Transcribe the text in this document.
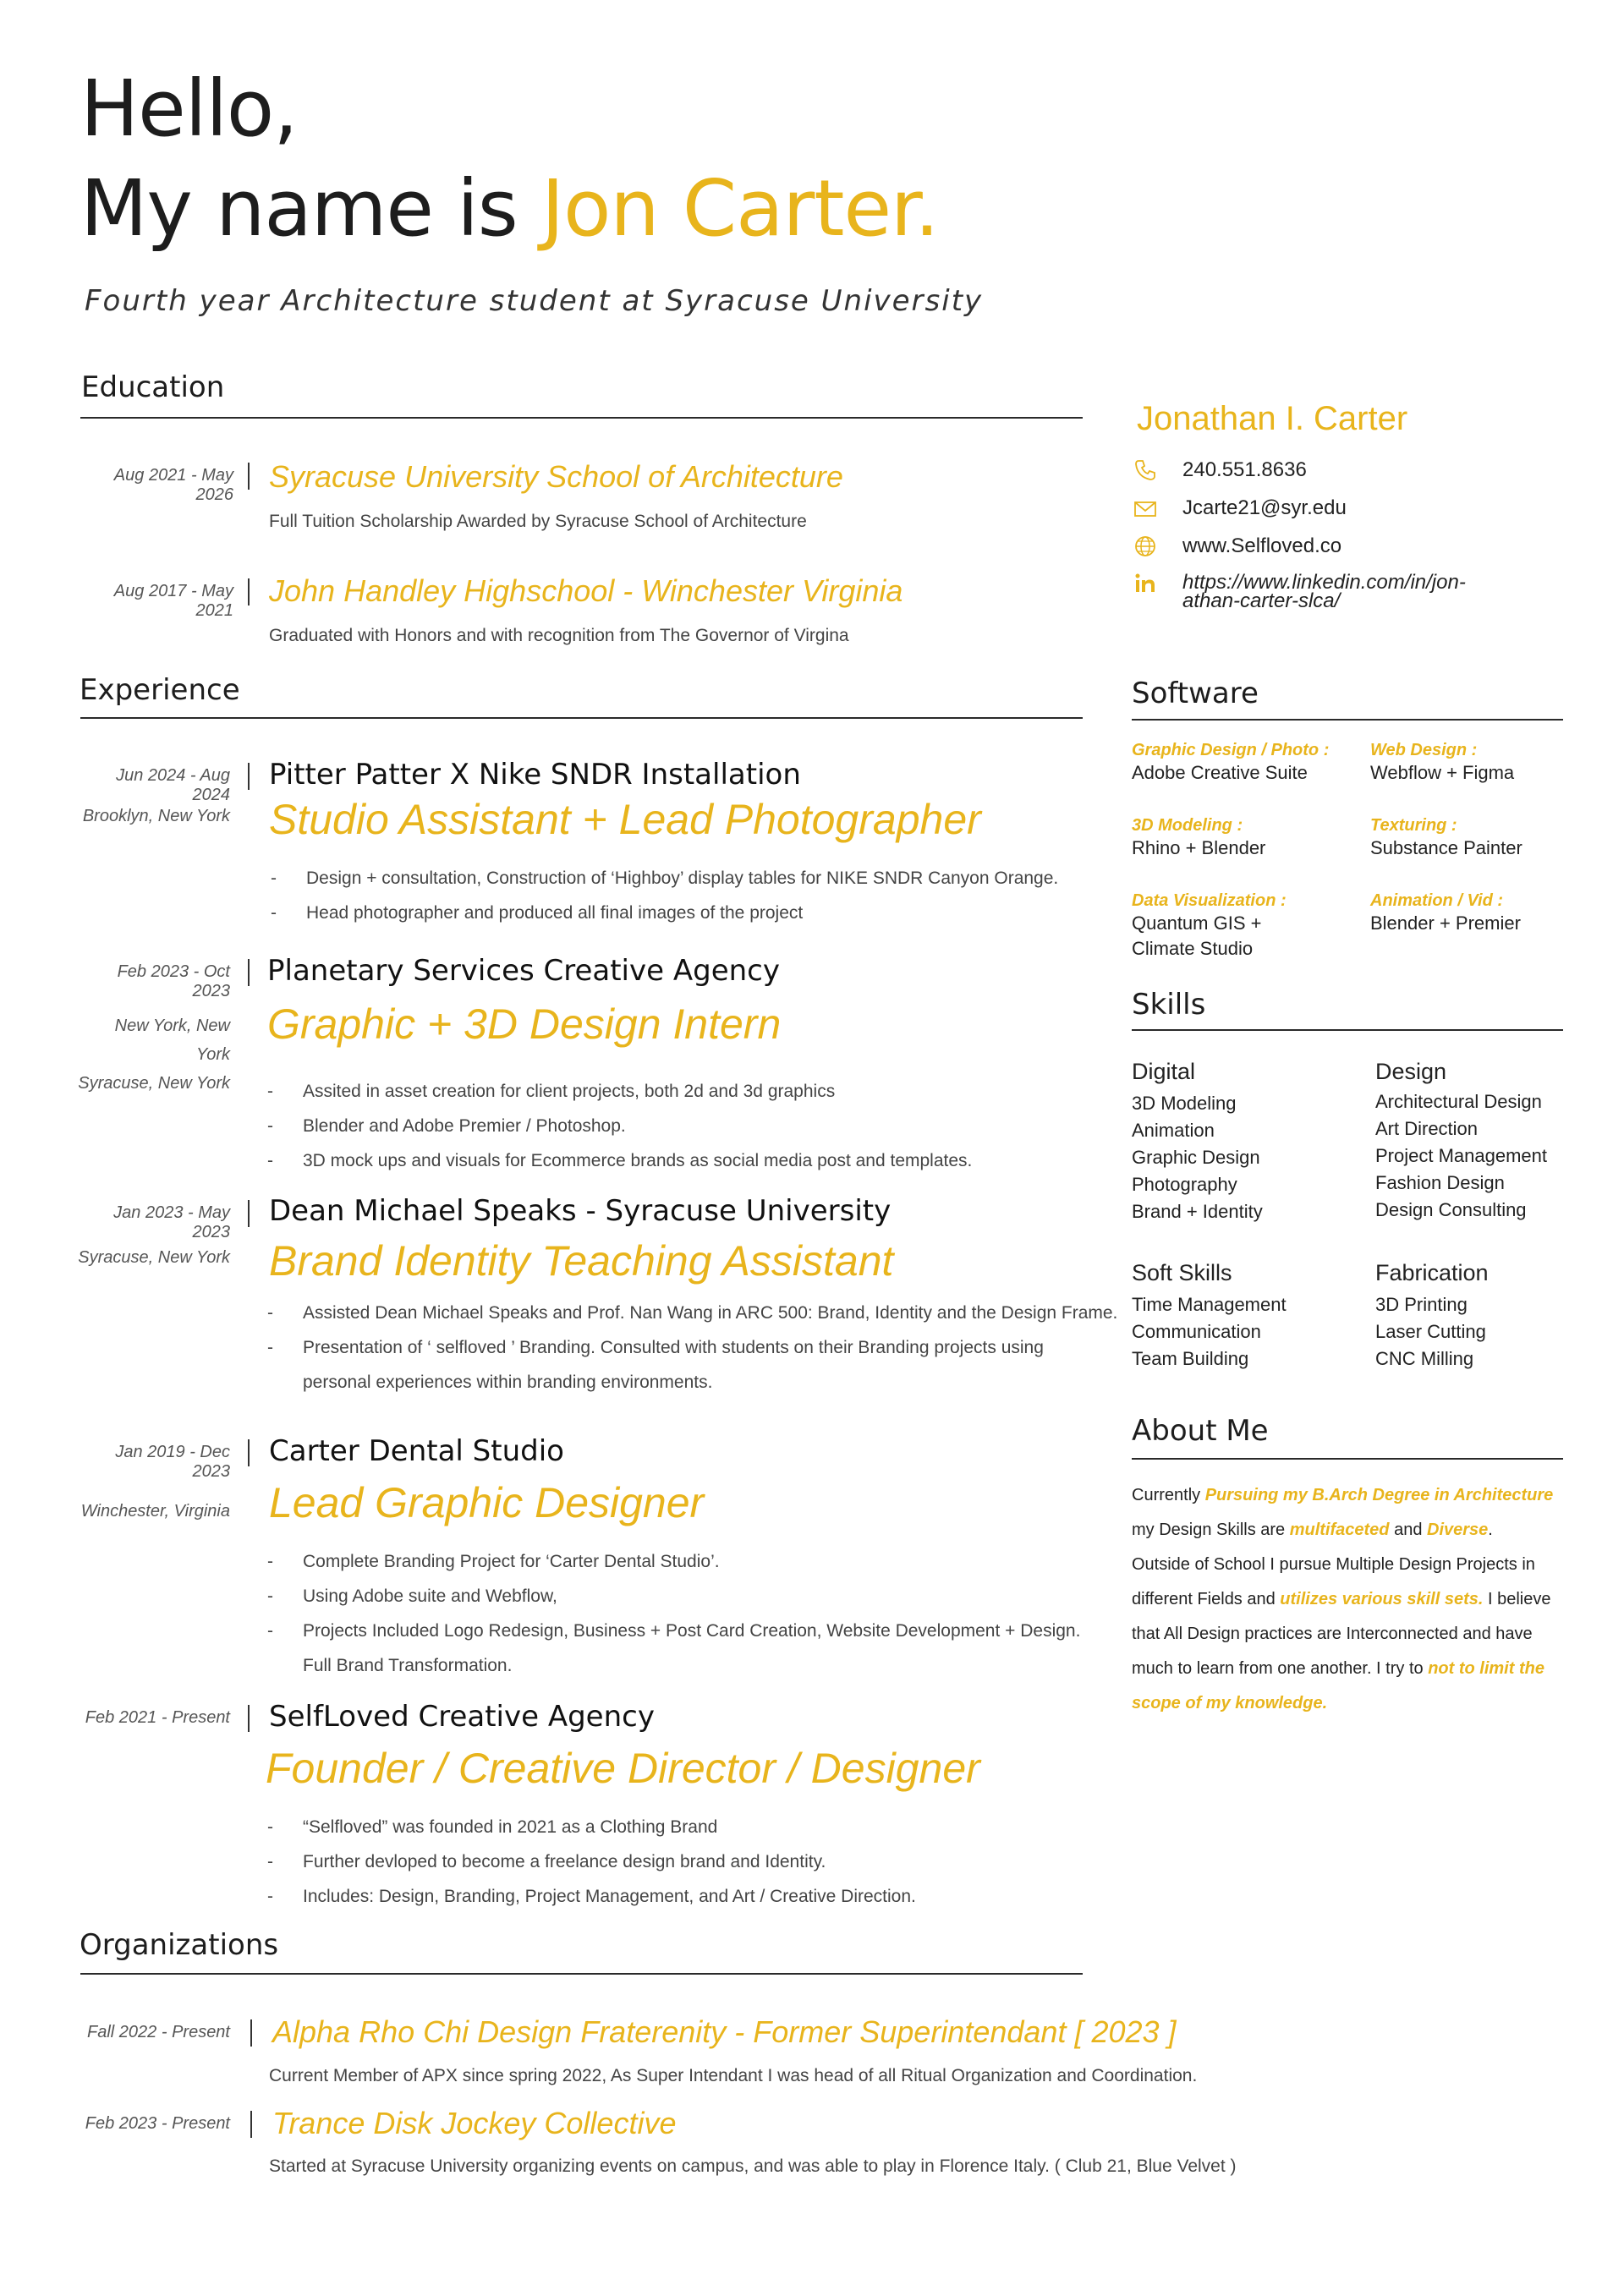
Hello,
My name is Jon Carter.
Fourth year Architecture student at Syracuse University
Education
Aug 2021 - May 2026
Syracuse University School of Architecture
Full Tuition Scholarship Awarded by Syracuse School of Architecture
Aug 2017 - May 2021
John Handley Highschool - Winchester Virginia
Graduated with Honors and with recognition from The Governor of Virgina
Experience
Jun 2024 - Aug 2024
Pitter Patter X Nike SNDR Installation
Brooklyn, New York Studio Assistant + Lead Photographer
- Design + consultation, Construction of ‘Highboy’ display tables for NIKE SNDR Canyon Orange.
- Head photographer and produced all final images of the project
Feb 2023 - Oct 2023
Planetary Services Creative Agency
New York, New York
Syracuse, New York
Graphic + 3D Design Intern
- Assited in asset creation for client projects, both 2d and 3d graphics
- Blender and Adobe Premier / Photoshop.
- 3D mock ups and visuals for Ecommerce brands as social media post and templates.
Jan 2023 - May 2023
Dean Michael Speaks - Syracuse University
Syracuse, New York Brand Identity Teaching Assistant
- Assisted Dean Michael Speaks and Prof. Nan Wang in ARC 500: Brand, Identity and the Design Frame.
- Presentation of ‘ selfloved ’ Branding. Consulted with students on their Branding projects using
personal experiences within branding environments.
Jan 2019 - Dec 2023
Carter Dental Studio
Winchester, Virginia Lead Graphic Designer
- Complete Branding Project for ‘Carter Dental Studio’.
- Using Adobe suite and Webflow,
- Projects Included Logo Redesign, Business + Post Card Creation, Website Development + Design.
Full Brand Transformation.
Feb 2021 - Present SelfLoved Creative Agency
Founder / Creative Director / Designer
- “Selfloved” was founded in 2021 as a Clothing Brand
- Further devloped to become a freelance design brand and Identity.
- Includes: Design, Branding, Project Management, and Art / Creative Direction.
Organizations
Fall 2022 - Present Alpha Rho Chi Design Fraterenity - Former Superintendant [ 2023 ]
Current Member of APX since spring 2022, As Super Intendant I was head of all Ritual Organization and Coordination.
Feb 2023 - Present Trance Disk Jockey Collective
Started at Syracuse University organizing events on campus, and was able to play in Florence Italy. ( Club 21, Blue Velvet )
Jonathan I. Carter
240.551.8636
Jcarte21@syr.edu
www.Selfloved.co
https://www.linkedin.com/in/jon-
athan-carter-slca/
Software
Graphic Design / Photo :
Adobe Creative Suite
Web Design :
Webflow + Figma
3D Modeling :
Rhino + Blender
Texturing :
Substance Painter
Data Visualization :
Quantum GIS +
Climate Studio
Animation / Vid :
Blender + Premier
Skills
Digital
3D Modeling
Animation
Graphic Design
Photography
Brand + Identity
Design
Architectural Design
Art Direction
Project Management
Fashion Design
Design Consulting
Soft Skills
Time Management
Communication
Team Building
Fabrication
3D Printing
Laser Cutting
CNC Milling
About Me
Currently Pursuing my B.Arch Degree in Architecture my Design Skills are multifaceted and Diverse. Outside of School I pursue Multiple Design Projects in different Fields and utilizes various skill sets. I believe that All Design practices are Interconnected and have much to learn from one another. I try to not to limit the scope of my knowledge.
